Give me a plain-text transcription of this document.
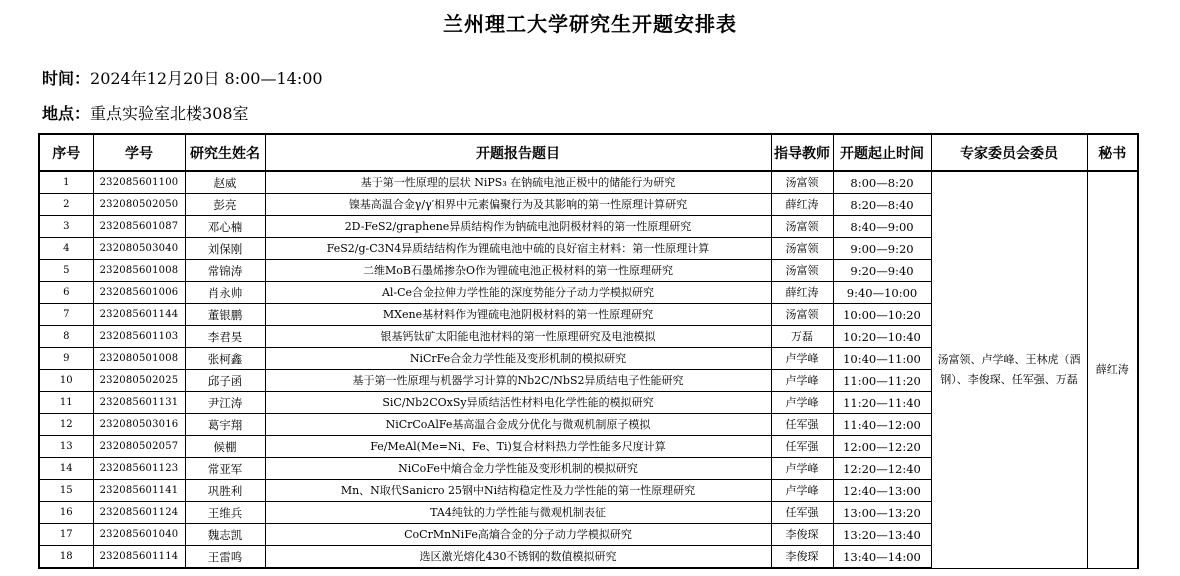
兰州理工大学研究生开题安排表
时间：2024年12月20日 8:00—14:00
地点：重点实验室北楼308室
序号	学号	研究生姓名	开题报告题目	指导教师	开题起止时间	专家委员会委员	秘书
1	232085601100	赵威	基于第一性原理的层状 NiPS₃ 在钠硫电池正极中的储能行为研究	汤富领	8:00—8:20	汤富领、卢学峰、王林虎（酒钢）、李俊琛、任军强、万磊	薛红涛
2	232080502050	彭亮	镍基高温合金γ/γ′相界中元素偏聚行为及其影响的第一性原理计算研究	薛红涛	8:20—8:40		
3	232085601087	邓心楠	2D-FeS2/graphene异质结构作为钠硫电池阴极材料的第一性原理研究	汤富领	8:40—9:00		
4	232080503040	刘保刚	FeS2/g-C3N4异质结结构作为锂硫电池中硫的良好宿主材料：第一性原理计算	汤富领	9:00—9:20		
5	232085601008	常锦涛	二维MoB石墨烯掺杂O作为锂硫电池正极材料的第一性原理研究	汤富领	9:20—9:40		
6	232085601006	肖永帅	Al-Ce合金拉伸力学性能的深度势能分子动力学模拟研究	薛红涛	9:40—10:00		
7	232085601144	董银鹏	MXene基材料作为锂硫电池阴极材料的第一性原理研究	汤富领	10:00—10:20		
8	232085601103	李君昊	银基钙钛矿太阳能电池材料的第一性原理研究及电池模拟	万磊	10:20—10:40		
9	232080501008	张柯鑫	NiCrFe合金力学性能及变形机制的模拟研究	卢学峰	10:40—11:00		
10	232080502025	邱子函	基于第一性原理与机器学习计算的Nb2C/NbS2异质结电子性能研究	卢学峰	11:00—11:20		
11	232085601131	尹江涛	SiC/Nb2COxSy异质结活性材料电化学性能的模拟研究	卢学峰	11:20—11:40		
12	232080503016	葛宇翔	NiCrCoAlFe基高温合金成分优化与微观机制原子模拟	任军强	11:40—12:00		
13	232080502057	候棚	Fe/MeAl(Me=Ni、Fe、Ti)复合材料热力学性能多尺度计算	任军强	12:00—12:20		
14	232085601123	常亚军	NiCoFe中熵合金力学性能及变形机制的模拟研究	卢学峰	12:20—12:40		
15	232085601141	巩胜利	Mn、N取代Sanicro 25钢中Ni结构稳定性及力学性能的第一性原理研究	卢学峰	12:40—13:00		
16	232085601124	王维兵	TA4纯钛的力学性能与微观机制表征	任军强	13:00—13:20		
17	232085601040	魏志凯	CoCrMnNiFe高熵合金的分子动力学模拟研究	李俊琛	13:20—13:40		
18	232085601114	王雷鸣	选区激光熔化430不锈钢的数值模拟研究	李俊琛	13:40—14:00		
